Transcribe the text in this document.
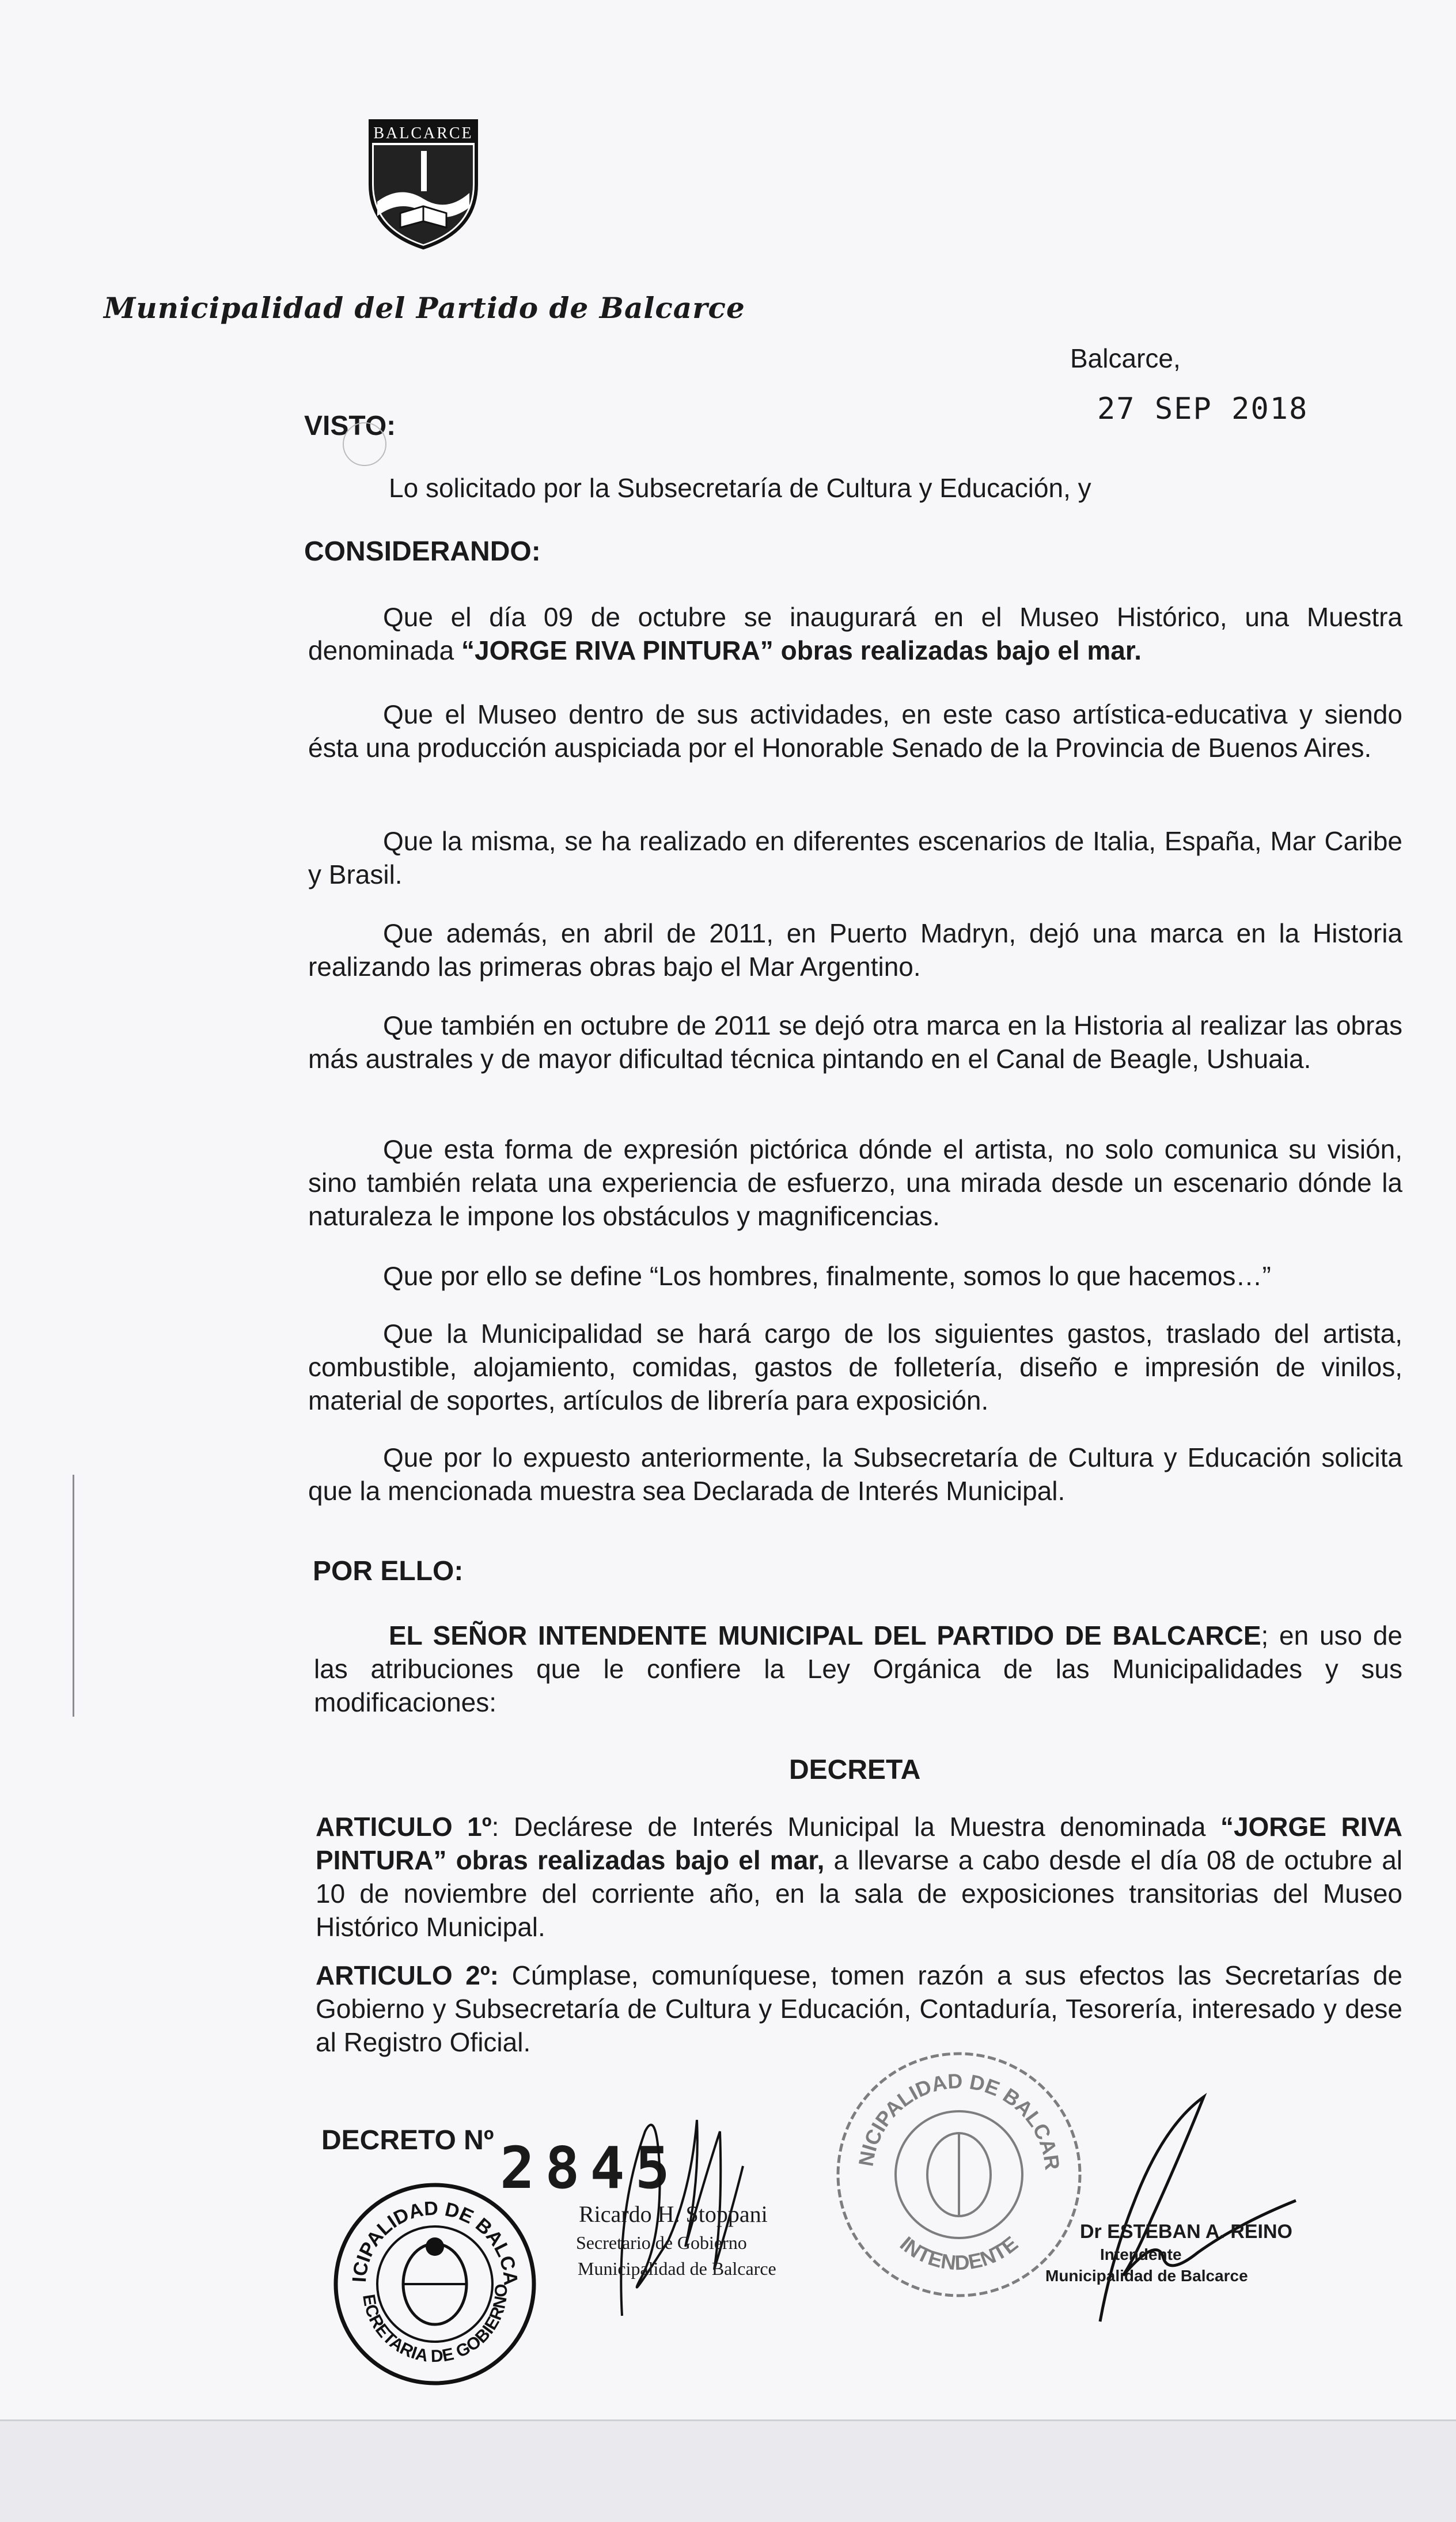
BALCARCE
Municipalidad del Partido de Balcarce
Balcarce,
27 SEP 2018
VISTO:
Lo solicitado por la Subsecretaría de Cultura y Educación, y
CONSIDERANDO:
Que el día 09 de octubre se inaugurará en el Museo Histórico, una Muestra denominada “JORGE RIVA PINTURA” obras realizadas bajo el mar.
Que el Museo dentro de sus actividades, en este caso artística-educativa y siendo ésta una producción auspiciada por el Honorable Senado de la Provincia de Buenos Aires.
Que la misma, se ha realizado en diferentes escenarios de Italia, España, Mar Caribe y Brasil.
Que además, en abril de 2011, en Puerto Madryn, dejó una marca en la Historia realizando las primeras obras bajo el Mar Argentino.
Que también en octubre de 2011 se dejó otra marca en la Historia al realizar las obras más australes y de mayor dificultad técnica pintando en el Canal de Beagle, Ushuaia.
Que esta forma de expresión pictórica dónde el artista, no solo comunica su visión, sino también relata una experiencia de esfuerzo, una mirada desde un escenario dónde la naturaleza le impone los obstáculos y magnificencias.
Que por ello se define “Los hombres, finalmente, somos lo que hacemos…”
Que la Municipalidad se hará cargo de los siguientes gastos, traslado del artista, combustible, alojamiento, comidas, gastos de folletería, diseño e impresión de vinilos, material de soportes, artículos de librería para exposición.
Que por lo expuesto anteriormente, la Subsecretaría de Cultura y Educación solicita que la mencionada muestra sea Declarada de Interés Municipal.
POR ELLO:
EL SEÑOR INTENDENTE MUNICIPAL DEL PARTIDO DE BALCARCE; en uso de las atribuciones que le confiere la Ley Orgánica de las Municipalidades y sus modificaciones:
DECRETA
ARTICULO 1º: Declárese de Interés Municipal la Muestra denominada “JORGE RIVA PINTURA” obras realizadas bajo el mar, a llevarse a cabo desde el día 08 de octubre al 10 de noviembre del corriente año, en la sala de exposiciones transitorias del Museo Histórico Municipal.
ARTICULO 2º: Cúmplase, comuníquese, tomen razón a sus efectos las Secretarías de Gobierno y Subsecretaría de Cultura y Educación, Contaduría, Tesorería, interesado y dese al Registro Oficial.
DECRETO Nº 2845
ICIPALIDAD DE BALCA
ECRETARIA DE GOBIERNO
Ricardo H. Stoppani
Secretario de Gobierno
Municipalidad de Balcarce
NICIPALIDAD DE BALCAR
INTENDENTE	Dr ESTEBAN A. REINO
Intendente
Municipalidad de Balcarce
